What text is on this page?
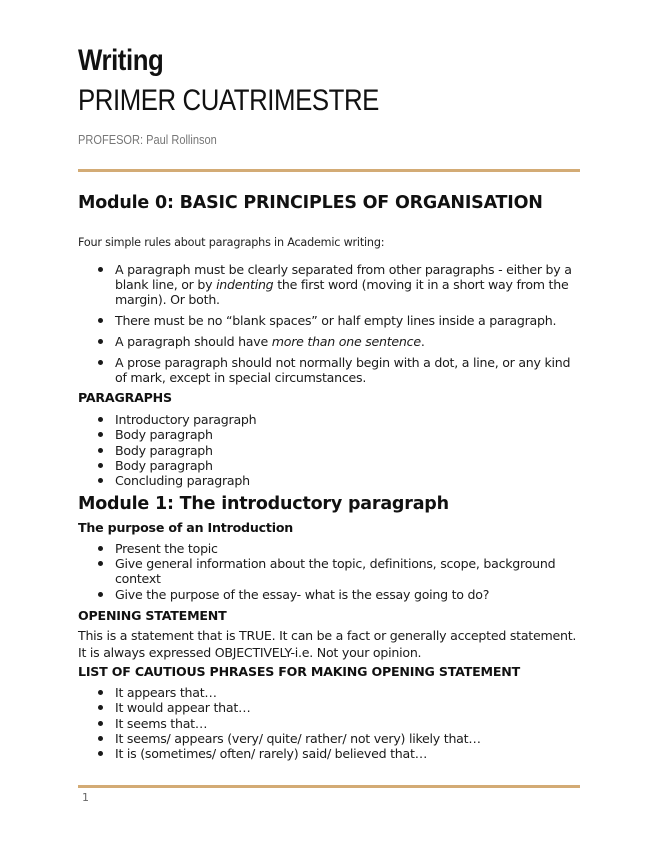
Writing
PRIMER CUATRIMESTRE
PROFESOR: Paul Rollinson
Module 0: BASIC PRINCIPLES OF ORGANISATION
Four simple rules about paragraphs in Academic writing:
A paragraph must be clearly separated from other paragraphs - either by a blank line, or by indenting the first word (moving it in a short way from the margin). Or both.
There must be no “blank spaces” or half empty lines inside a paragraph.
A paragraph should have more than one sentence.
A prose paragraph should not normally begin with a dot, a line, or any kind of mark, except in special circumstances.
PARAGRAPHS
Introductory paragraph
Body paragraph
Body paragraph
Body paragraph
Concluding paragraph
Module 1: The introductory paragraph
The purpose of an Introduction
Present the topic
Give general information about the topic, definitions, scope, background context
Give the purpose of the essay- what is the essay going to do?
OPENING STATEMENT
This is a statement that is TRUE. It can be a fact or generally accepted statement. It is always expressed OBJECTIVELY-i.e. Not your opinion.
LIST OF CAUTIOUS PHRASES FOR MAKING OPENING STATEMENT
It appears that…
It would appear that…
It seems that…
It seems/ appears (very/ quite/ rather/ not very) likely that…
It is (sometimes/ often/ rarely) said/ believed that…
1
